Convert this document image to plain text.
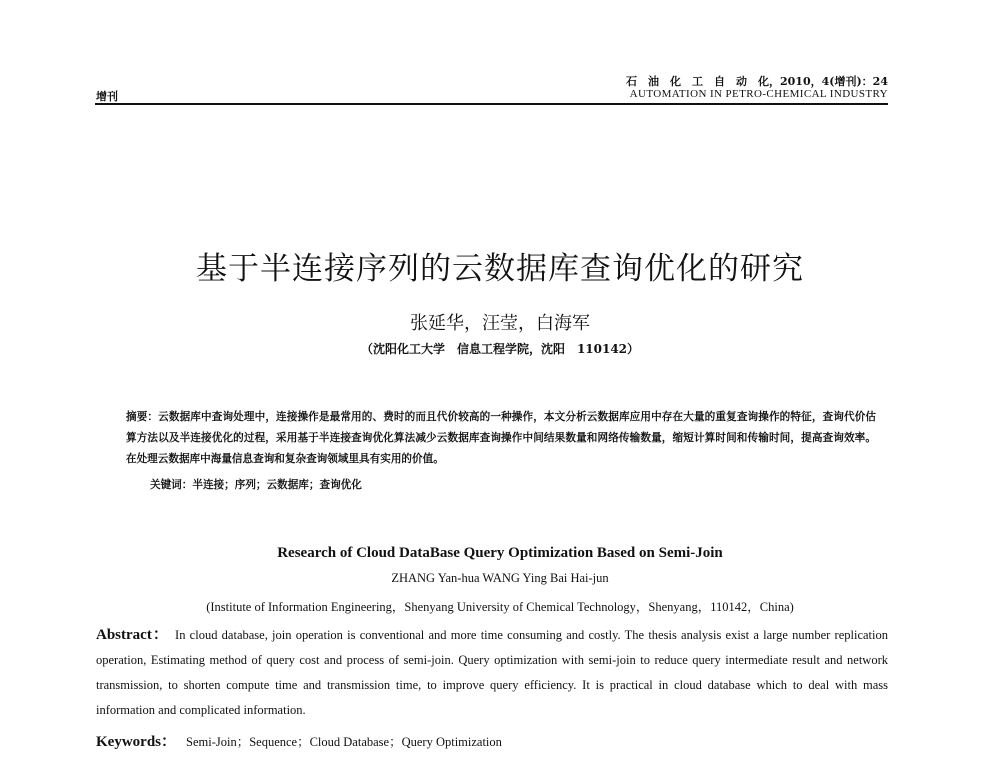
增刊
石　油　化　工　自　动　化，2010，4(增刊)：24
AUTOMATION IN PETRO-CHEMICAL INDUSTRY
基于半连接序列的云数据库查询优化的研究
张延华，汪莹，白海军
（沈阳化工大学　信息工程学院，沈阳　110142）
摘要：云数据库中查询处理中，连接操作是最常用的、费时的而且代价较高的一种操作，本文分析云数据库应用中存在大量的重复查询操作的特征，查询代价估算方法以及半连接优化的过程，采用基于半连接查询优化算法减少云数据库查询操作中间结果数量和网络传输数量，缩短计算时间和传输时间，提高查询效率。在处理云数据库中海量信息查询和复杂查询领域里具有实用的价值。
关键词：半连接；序列；云数据库；查询优化
Research of Cloud DataBase Query Optimization Based on Semi-Join
ZHANG Yan-hua WANG Ying Bai Hai-jun
(Institute of Information Engineering，Shenyang University of Chemical Technology，Shenyang，110142，China)
Abstract： In cloud database, join operation is conventional and more time consuming and costly. The thesis analysis exist a large number replication operation, Estimating method of query cost and process of semi-join. Query optimization with semi-join to reduce query intermediate result and network transmission, to shorten compute time and transmission time, to improve query efficiency. It is practical in cloud database which to deal with mass information and complicated information.
Keywords： Semi-Join；Sequence；Cloud Database；Query Optimization
